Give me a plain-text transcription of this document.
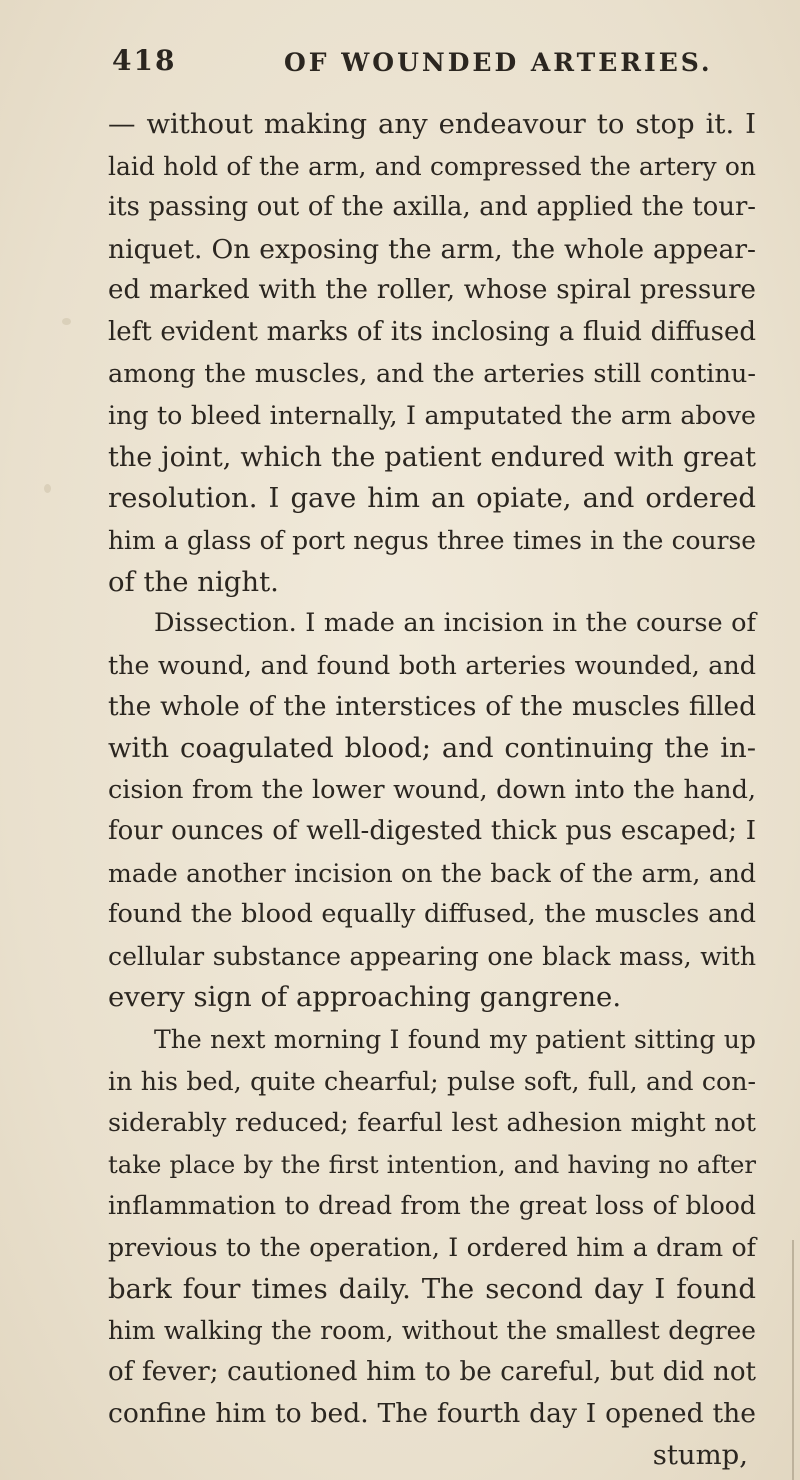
418	OF WOUNDED ARTERIES.
— without making any endeavour to stop it. I
laid hold of the arm, and compressed the artery on
its passing out of the axilla, and applied the tour-
niquet. On exposing the arm, the whole appear-
ed marked with the roller, whose spiral pressure
left evident marks of its inclosing a fluid diffused
among the muscles, and the arteries still continu-
ing to bleed internally, I amputated the arm above
the joint, which the patient endured with great
resolution. I gave him an opiate, and ordered
him a glass of port negus three times in the course
of the night.
Dissection. I made an incision in the course of
the wound, and found both arteries wounded, and
the whole of the interstices of the muscles filled
with coagulated blood; and continuing the in-
cision from the lower wound, down into the hand,
four ounces of well-digested thick pus escaped; I
made another incision on the back of the arm, and
found the blood equally diffused, the muscles and
cellular substance appearing one black mass, with
every sign of approaching gangrene.
The next morning I found my patient sitting up
in his bed, quite chearful; pulse soft, full, and con-
siderably reduced; fearful lest adhesion might not
take place by the first intention, and having no after
inflammation to dread from the great loss of blood
previous to the operation, I ordered him a dram of
bark four times daily. The second day I found
him walking the room, without the smallest degree
of fever; cautioned him to be careful, but did not
confine him to bed. The fourth day I opened the
stump,
